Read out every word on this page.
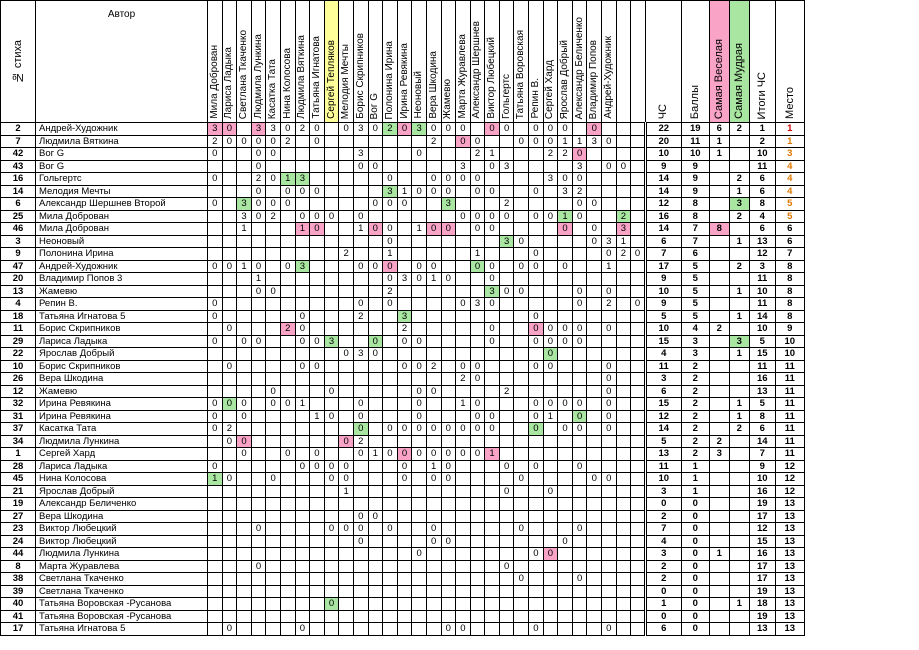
№ стиха	Автор	Мила Доброван	Лариса Ладыка	Светлана Ткаченко	Людмила Лункина	Касатка Тата	Нина Колосова	Людмила Вяткина	Татьяна Игнатова	Сергей Тепляков	Мелодия Мечты	Борис Скрипников	Вог G	Полонина Ирина	Ирина Ревякина	Неоновый	Вера Шкодина	Жамевю	Марта Журавлева	Александр Шершнев	Виктор Любецкий	Гольгертс	Татьяна Воровская	Репин В.	Сергей Хард	Ярослав Добрый	Александр Беличенко	Владимир Попов	Андрей-Художник			ЧС	Баллы	Самая Веселая	Самая Мудрая	Итоги ЧС	Место
2	Андрей-Художник	3	0		3	3	0	2	0		0	3	0	2	0	3	0	0	0		0	0		0	0	0		0				22	19	6	2	1	1
7	Людмила Вяткина	2	0	0	0	0	2		0								2		0	0			0	0	0	1	1	3	0			20	11	1		2	1
42	Вог G	0			0	0						3				0				2	1				2	2	0					10	10	1		10	3
43	Вог G				0							0	0						3		0	3					3		0	0		9	9			11	4
16	Гольгертс	0			2	0	1	3						0			0	0	0	0					3	0	0					14	9		2	6	4
14	Мелодия Мечты				0		0	0	0					3	1	0	0	0		0	0			0		3	2					14	9		1	6	4
6	Александр Шершнев Второй	0		3	0	0	0						0	0	0			3				2					0	0				12	8		3	8	5
25	Мила Доброван			3	0	2		0	0	0		0							0	0	0	0		0	0	1	0			2		16	8		2	4	5
46	Мила Доброван			1				1	0			1	0	0		1	0	0		0	0					0		0		3		14	7	8		6	6
3	Неоновый													0								3	0					0	3	1		6	7		1	13	6
9	Полонина Ирина										2			1						1				0					0	2	0	7	6			12	7
47	Андрей-Художник	0	0	1	0		0	3				0	0	0		0	0			0	0		0	0		0			1			17	5		2	3	8
20	Владимир Попов 3				1									0	3	0	1	0			0											9	5			11	8
13	Жамевю				0	0								2							3	0	0				0		0			10	5		1	10	8
4	Репин В.	0										0		0					0	3	0						0		2		0	9	5			11	8
18	Татьяна Игнатова 5	0						0				2			3									0								5	5		1	14	8
11	Борис Скрипников		0				2	0							2						0			0	0	0	0		0			10	4	2		10	9
29	Лариса Ладыка	0		0	0			0	0	3			0		0	0					0			0	0	0	0					15	3		3	5	10
22	Ярослав Добрый										0	3	0												0							4	3		1	15	10
10	Борис Скрипников		0					0	0						0	0	2		0	0				0	0				0			11	2			11	11
26	Вера Шкодина																		2	0									0			3	2			16	11
12	Жамевю					0				0						0	0					2							0			6	2			13	11
32	Ирина Ревякина	0	0	0		0	0	1				0				0			1	0				0	0	0	0		0			15	2		1	5	11
31	Ирина Ревякина	0		0					1	0		0				0				0	0			0	1		0		0			12	2		1	8	11
37	Касатка Тата	0	2									0		0	0	0	0	0	0	0	0			0		0	0		0			14	2		2	6	11
34	Людмила Лункина		0	0							0	2																				5	2	2		14	11
1	Сергей Хард			0			0		0			0	1	0	0	0	0	0	0	0	1											13	2	3		7	11
28	Лариса Ладыка	0						0	0	0	0				0		1	0				0		0			0					11	1			9	12
45	Нина Колосова	1	0			0				0	0				0		0	0					0					0	0			10	1			10	12
21	Ярослав Добрый										1											0			0							3	1			16	12
19	Александр Беличенко																															0	0			19	13
27	Вера Шкодина											0	0																			2	0			17	13
23	Виктор Любецкий				0					0	0	0		0			0						0				0					7	0			12	13
24	Виктор Любецкий											0					0	0								0						4	0			15	13
44	Людмила Лункина															0								0	0							3	0	1		16	13
8	Марта Журавлева				0																	0										2	0			17	13
38	Светлана Ткаченко																						0				0					2	0			17	13
39	Светлана Ткаченко																															0	0			19	13
40	Татьяна Воровская -Русанова									0																						1	0		1	18	13
41	Татьяна Воровская -Русанова																															0	0			19	13
17	Татьяна Игнатова 5		0					0										0	0					0					0			6	0			13	13
